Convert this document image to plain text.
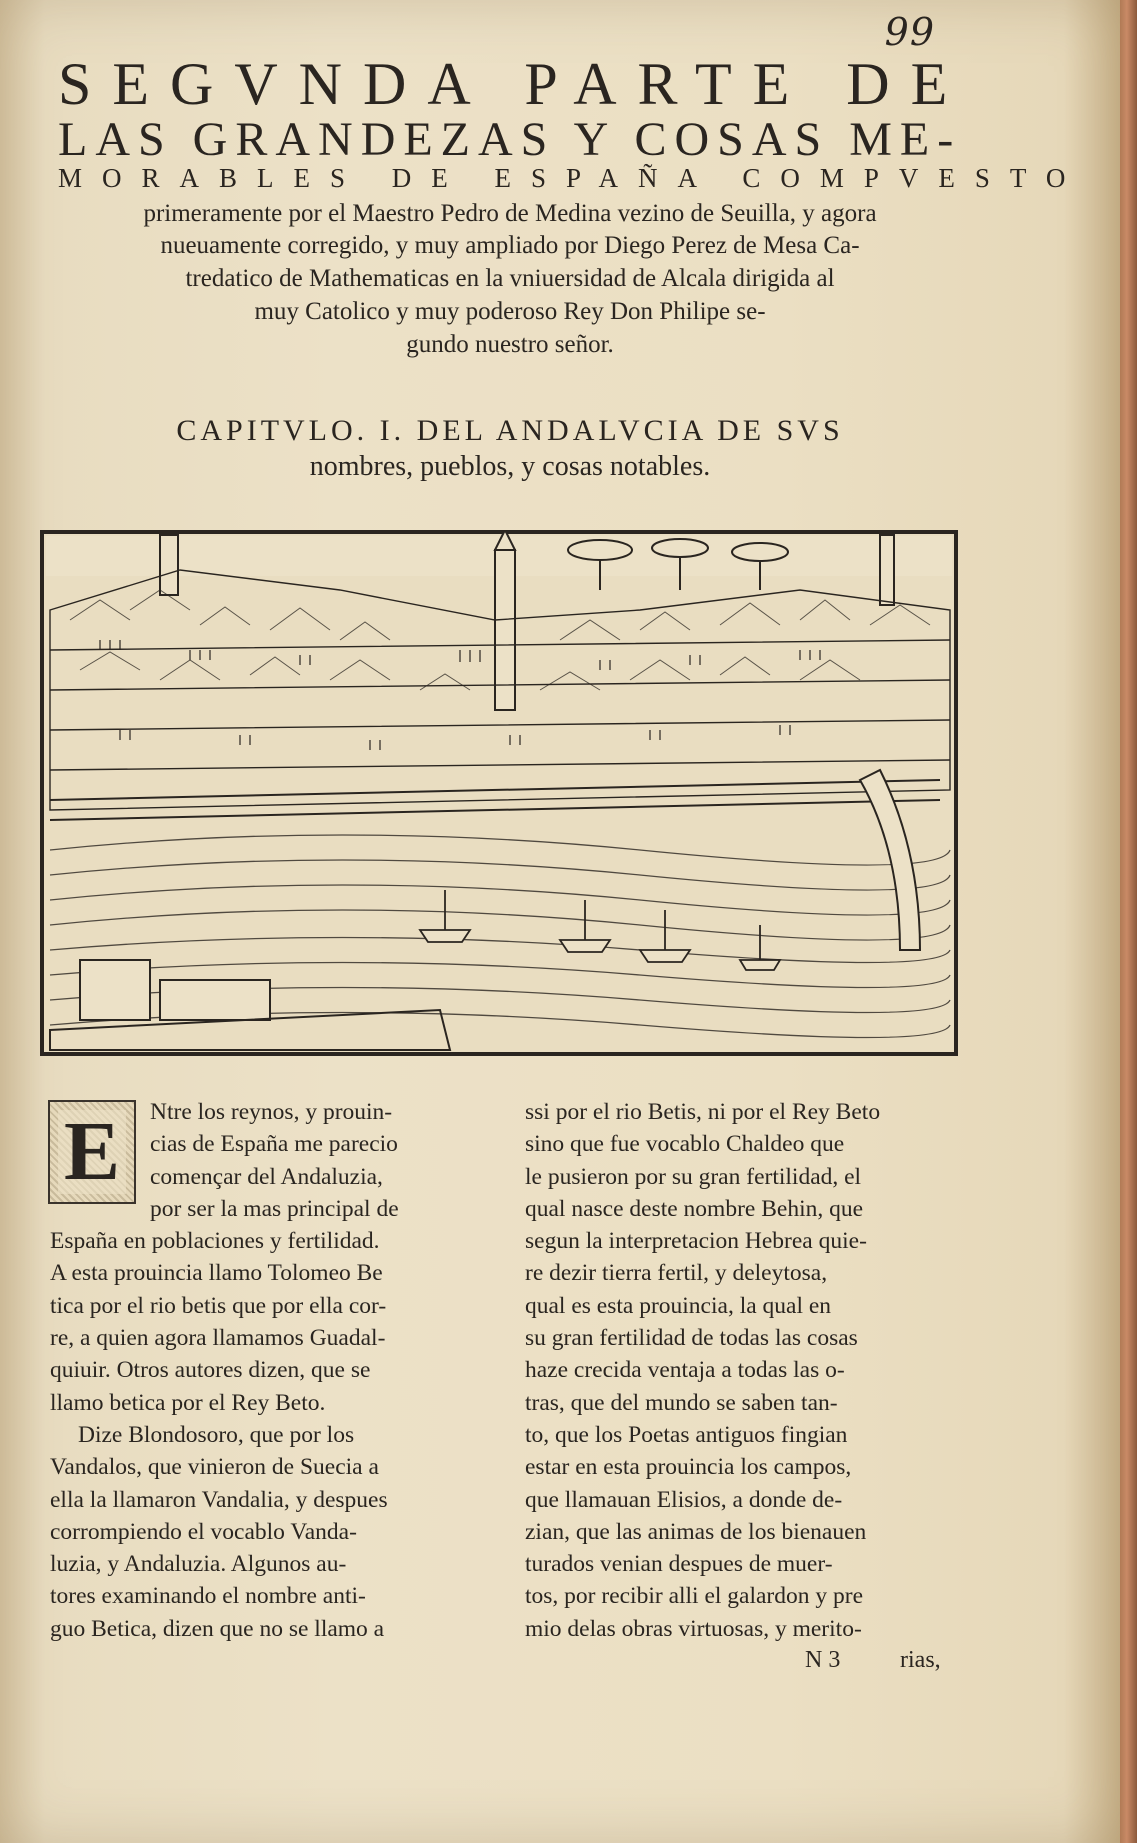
99
SEGVNDA PARTE DE
LAS GRANDEZAS Y COSAS ME-
MORABLES DE ESPAÑA COMPVESTO
primeramente por el Maestro Pedro de Medina vezino de Seuilla, y agora
nueuamente corregido, y muy ampliado por Diego Perez de Mesa Ca-
tredatico de Mathematicas en la vniuersidad de Alcala dirigida al
muy Catolico y muy poderoso Rey Don Philipe se-
gundo nuestro señor.
CAPITVLO. I. DEL ANDALVCIA DE SVS
nombres, pueblos, y cosas notables.
E	Ntre los reynos, y prouin-
cias de España me parecio
començar del Andaluzia,
por ser la mas principal de
España en poblaciones y fertilidad.
A esta prouincia llamo Tolomeo Be
tica por el rio betis que por ella cor-
re, a quien agora llamamos Guadal-
quiuir. Otros autores dizen, que se
llamo betica por el Rey Beto.
Dize Blondosoro, que por los
Vandalos, que vinieron de Suecia a
ella la llamaron Vandalia, y despues
corrompiendo el vocablo Vanda-
luzia, y Andaluzia. Algunos au-
tores examinando el nombre anti-
guo Betica, dizen que no se llamo a
ssi por el rio Betis, ni por el Rey Beto
sino que fue vocablo Chaldeo que
le pusieron por su gran fertilidad, el
qual nasce deste nombre Behin, que
segun la interpretacion Hebrea quie-
re dezir tierra fertil, y deleytosa,
qual es esta prouincia, la qual en
su gran fertilidad de todas las cosas
haze crecida ventaja a todas las o-
tras, que del mundo se saben tan-
to, que los Poetas antiguos fingian
estar en esta prouincia los campos,
que llamauan Elisios, a donde de-
zian, que las animas de los bienauen
turados venian despues de muer-
tos, por recibir alli el galardon y pre
mio delas obras virtuosas, y merito-
N 3 rias,
